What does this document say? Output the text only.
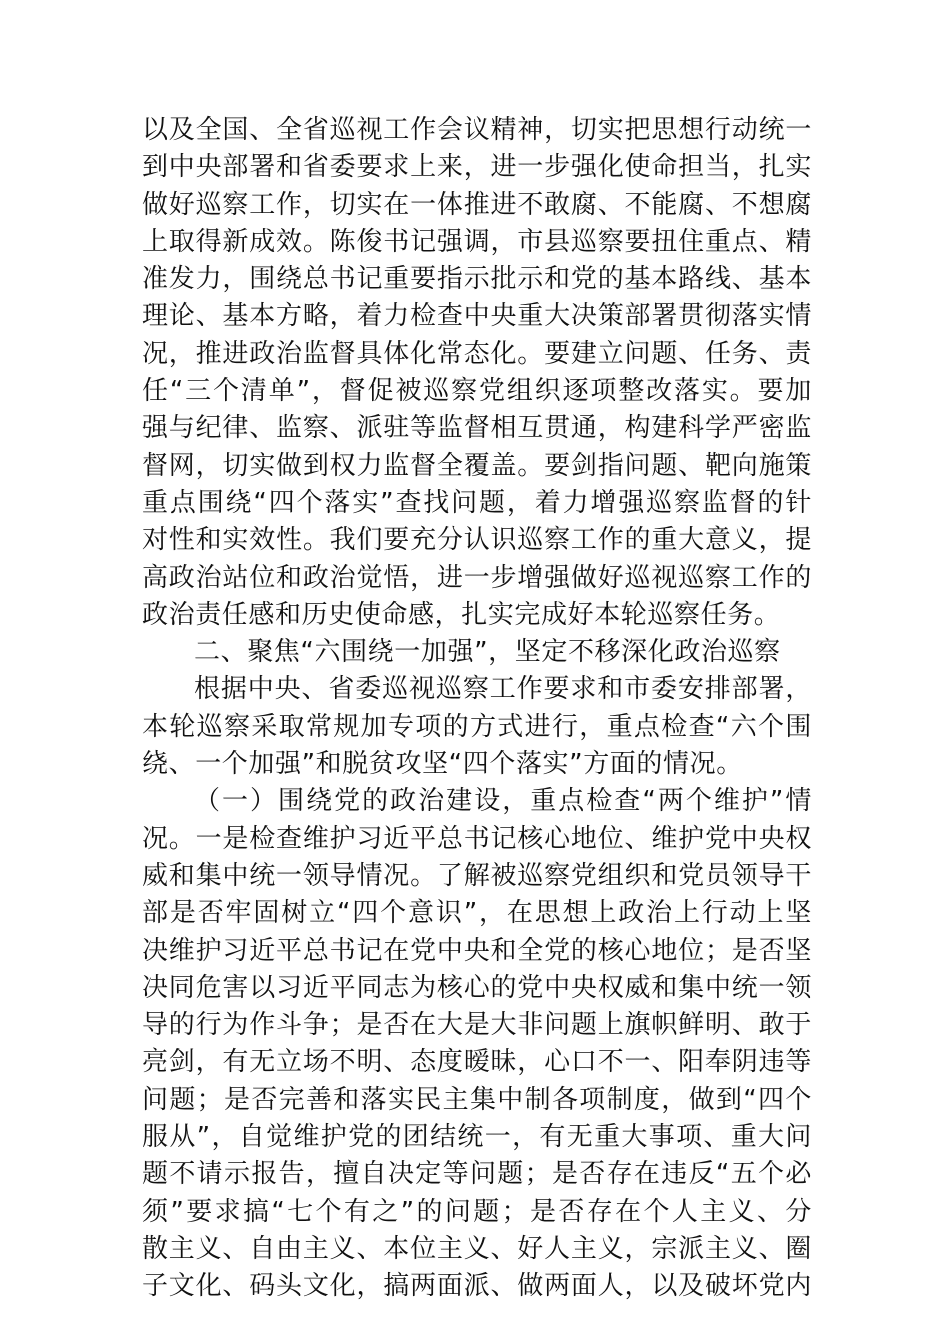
以及全国、全省巡视工作会议精神，切实把思想行动统一
到中央部署和省委要求上来，进一步强化使命担当，扎实
做好巡察工作，切实在一体推进不敢腐、不能腐、不想腐
上取得新成效。陈俊书记强调，市县巡察要扭住重点、精
准发力，围绕总书记重要指示批示和党的基本路线、基本
理论、基本方略，着力检查中央重大决策部署贯彻落实情
况，推进政治监督具体化常态化。要建立问题、任务、责
任“三个清单”，督促被巡察党组织逐项整改落实。要加
强与纪律、监察、派驻等监督相互贯通，构建科学严密监
督网，切实做到权力监督全覆盖。要剑指问题、靶向施策
重点围绕“四个落实”查找问题，着力增强巡察监督的针
对性和实效性。我们要充分认识巡察工作的重大意义，提
高政治站位和政治觉悟，进一步增强做好巡视巡察工作的
政治责任感和历史使命感，扎实完成好本轮巡察任务。
二、聚焦“六围绕一加强”，坚定不移深化政治巡察
根据中央、省委巡视巡察工作要求和市委安排部署，
本轮巡察采取常规加专项的方式进行，重点检查“六个围
绕、一个加强”和脱贫攻坚“四个落实”方面的情况。
（一）围绕党的政治建设，重点检查“两个维护”情
况。一是检查维护习近平总书记核心地位、维护党中央权
威和集中统一领导情况。了解被巡察党组织和党员领导干
部是否牢固树立“四个意识”，在思想上政治上行动上坚
决维护习近平总书记在党中央和全党的核心地位；是否坚
决同危害以习近平同志为核心的党中央权威和集中统一领
导的行为作斗争；是否在大是大非问题上旗帜鲜明、敢于
亮剑，有无立场不明、态度暧昧，心口不一、阳奉阴违等
问题；是否完善和落实民主集中制各项制度，做到“四个
服从”，自觉维护党的团结统一，有无重大事项、重大问
题不请示报告，擅自决定等问题；是否存在违反“五个必
须”要求搞“七个有之”的问题；是否存在个人主义、分
散主义、自由主义、本位主义、好人主义，宗派主义、圈
子文化、码头文化，搞两面派、做两面人，以及破坏党内
